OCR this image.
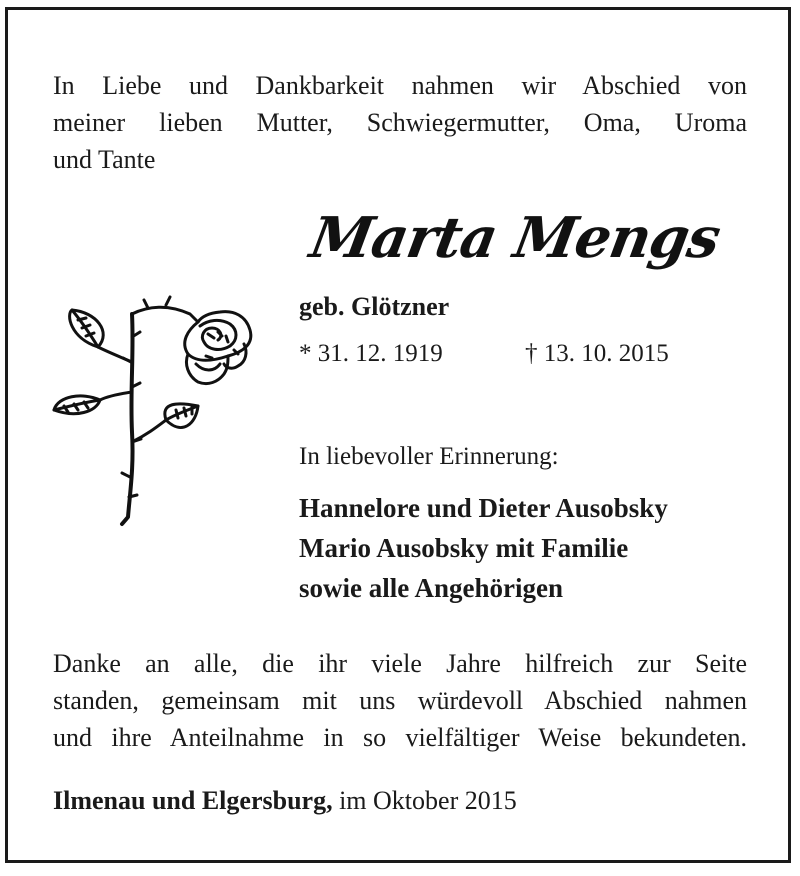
In Liebe und Dankbarkeit nahmen wir Abschied von
meiner lieben Mutter, Schwiegermutter, Oma, Uroma
und Tante
Marta Mengs
geb. Glötzner
* 31. 12. 1919	† 13. 10. 2015
In liebevoller Erinnerung:
Hannelore und Dieter Ausobsky
Mario Ausobsky mit Familie
sowie alle Angehörigen
Danke an alle, die ihr viele Jahre hilfreich zur Seite
standen, gemeinsam mit uns würdevoll Abschied nahmen
und ihre Anteilnahme in so vielfältiger Weise bekundeten.
Ilmenau und Elgersburg, im Oktober 2015
